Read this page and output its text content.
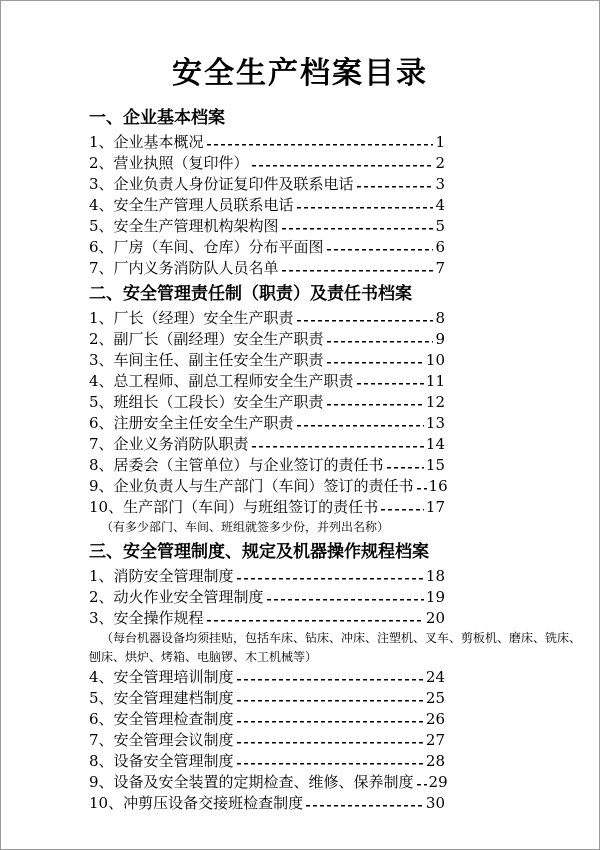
安全生产档案目录
一、企业基本档案
1、企业基本概况	1
2、营业执照（复印件）	2
3、企业负责人身份证复印件及联系电话	3
4、安全生产管理人员联系电话	4
5、安全生产管理机构架构图	5
6、厂房（车间、仓库）分布平面图	6
7、厂内义务消防队人员名单	7
二、安全管理责任制（职责）及责任书档案
1、厂长（经理）安全生产职责	8
2、副厂长（副经理）安全生产职责	9
3、车间主任、副主任安全生产职责	10
4、总工程师、副总工程师安全生产职责	11
5、班组长（工段长）安全生产职责	12
6、注册安全主任安全生产职责	13
7、企业义务消防队职责	14
8、居委会（主管单位）与企业签订的责任书	15
9、企业负责人与生产部门（车间）签订的责任书 16
10、生产部门（车间）与班组签订的责任书	17
（有多少部门、车间、班组就签多少份，并列出名称）
三、安全管理制度、规定及机器操作规程档案
1、消防安全管理制度	18
2、动火作业安全管理制度	19
3、安全操作规程	20
（每台机器设备均须挂贴，包括车床、钻床、冲床、注塑机、叉车、剪板机、磨床、铣床、
刨床、烘炉、烤箱、电脑锣、木工机械等）
4、安全管理培训制度	24
5、安全管理建档制度	25
6、安全管理检查制度	26
7、安全管理会议制度	27
8、设备安全管理制度	28
9、设备及安全装置的定期检查、维修、保养制度 29
10、冲剪压设备交接班检查制度	30
